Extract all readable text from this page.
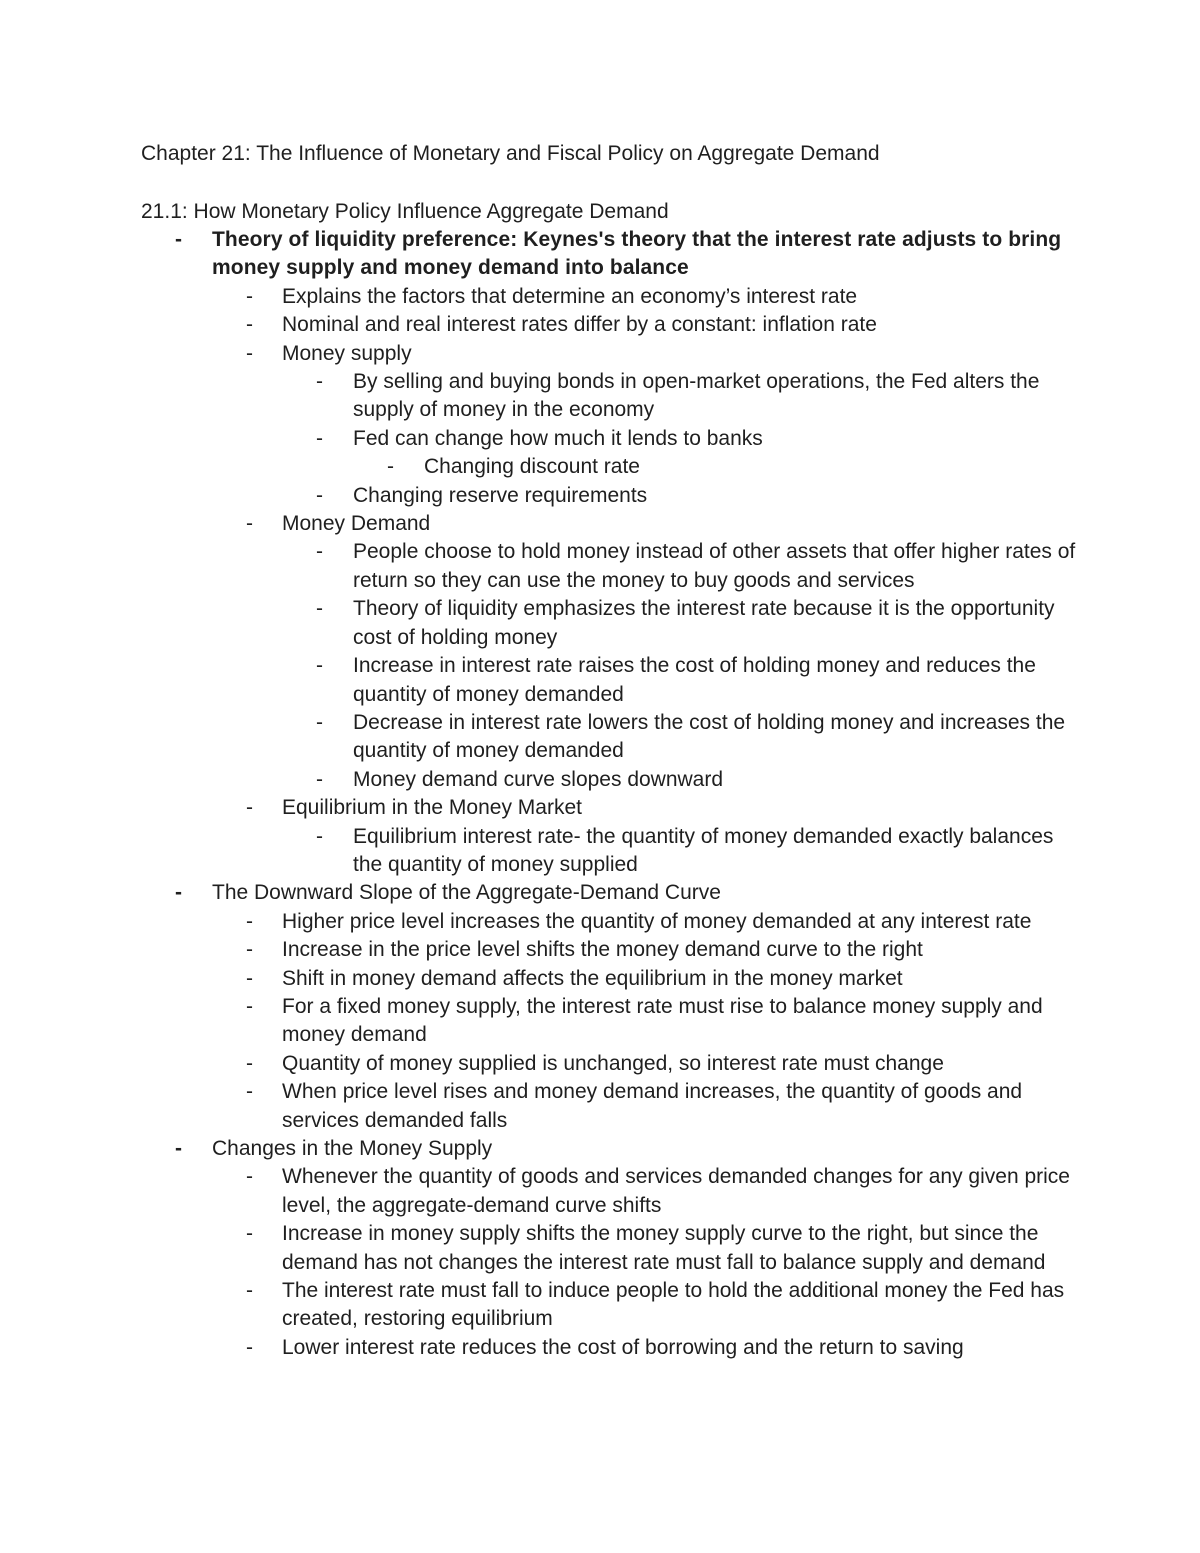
Chapter 21: The Influence of Monetary and Fiscal Policy on Aggregate Demand
21.1: How Monetary Policy Influence Aggregate Demand
-	Theory of liquidity preference: Keynes's theory that the interest rate adjusts to bring money supply and money demand into balance
-	Explains the factors that determine an economy’s interest rate
-	Nominal and real interest rates differ by a constant: inflation rate
-	Money supply
-	By selling and buying bonds in open-market operations, the Fed alters the supply of money in the economy
-	Fed can change how much it lends to banks
-	Changing discount rate
-	Changing reserve requirements
-	Money Demand
-	People choose to hold money instead of other assets that offer higher rates of return so they can use the money to buy goods and services
-	Theory of liquidity emphasizes the interest rate because it is the opportunity cost of holding money
-	Increase in interest rate raises the cost of holding money and reduces the quantity of money demanded
-	Decrease in interest rate lowers the cost of holding money and increases the quantity of money demanded
-	Money demand curve slopes downward
-	Equilibrium in the Money Market
-	Equilibrium interest rate- the quantity of money demanded exactly balances the quantity of money supplied
-	The Downward Slope of the Aggregate-Demand Curve
-	Higher price level increases the quantity of money demanded at any interest rate
-	Increase in the price level shifts the money demand curve to the right
-	Shift in money demand affects the equilibrium in the money market
-	For a fixed money supply, the interest rate must rise to balance money supply and money demand
-	Quantity of money supplied is unchanged, so interest rate must change
-	When price level rises and money demand increases, the quantity of goods and services demanded falls
-	Changes in the Money Supply
-	Whenever the quantity of goods and services demanded changes for any given price level, the aggregate-demand curve shifts
-	Increase in money supply shifts the money supply curve to the right, but since the demand has not changes the interest rate must fall to balance supply and demand
-	The interest rate must fall to induce people to hold the additional money the Fed has created, restoring equilibrium
-	Lower interest rate reduces the cost of borrowing and the return to saving
